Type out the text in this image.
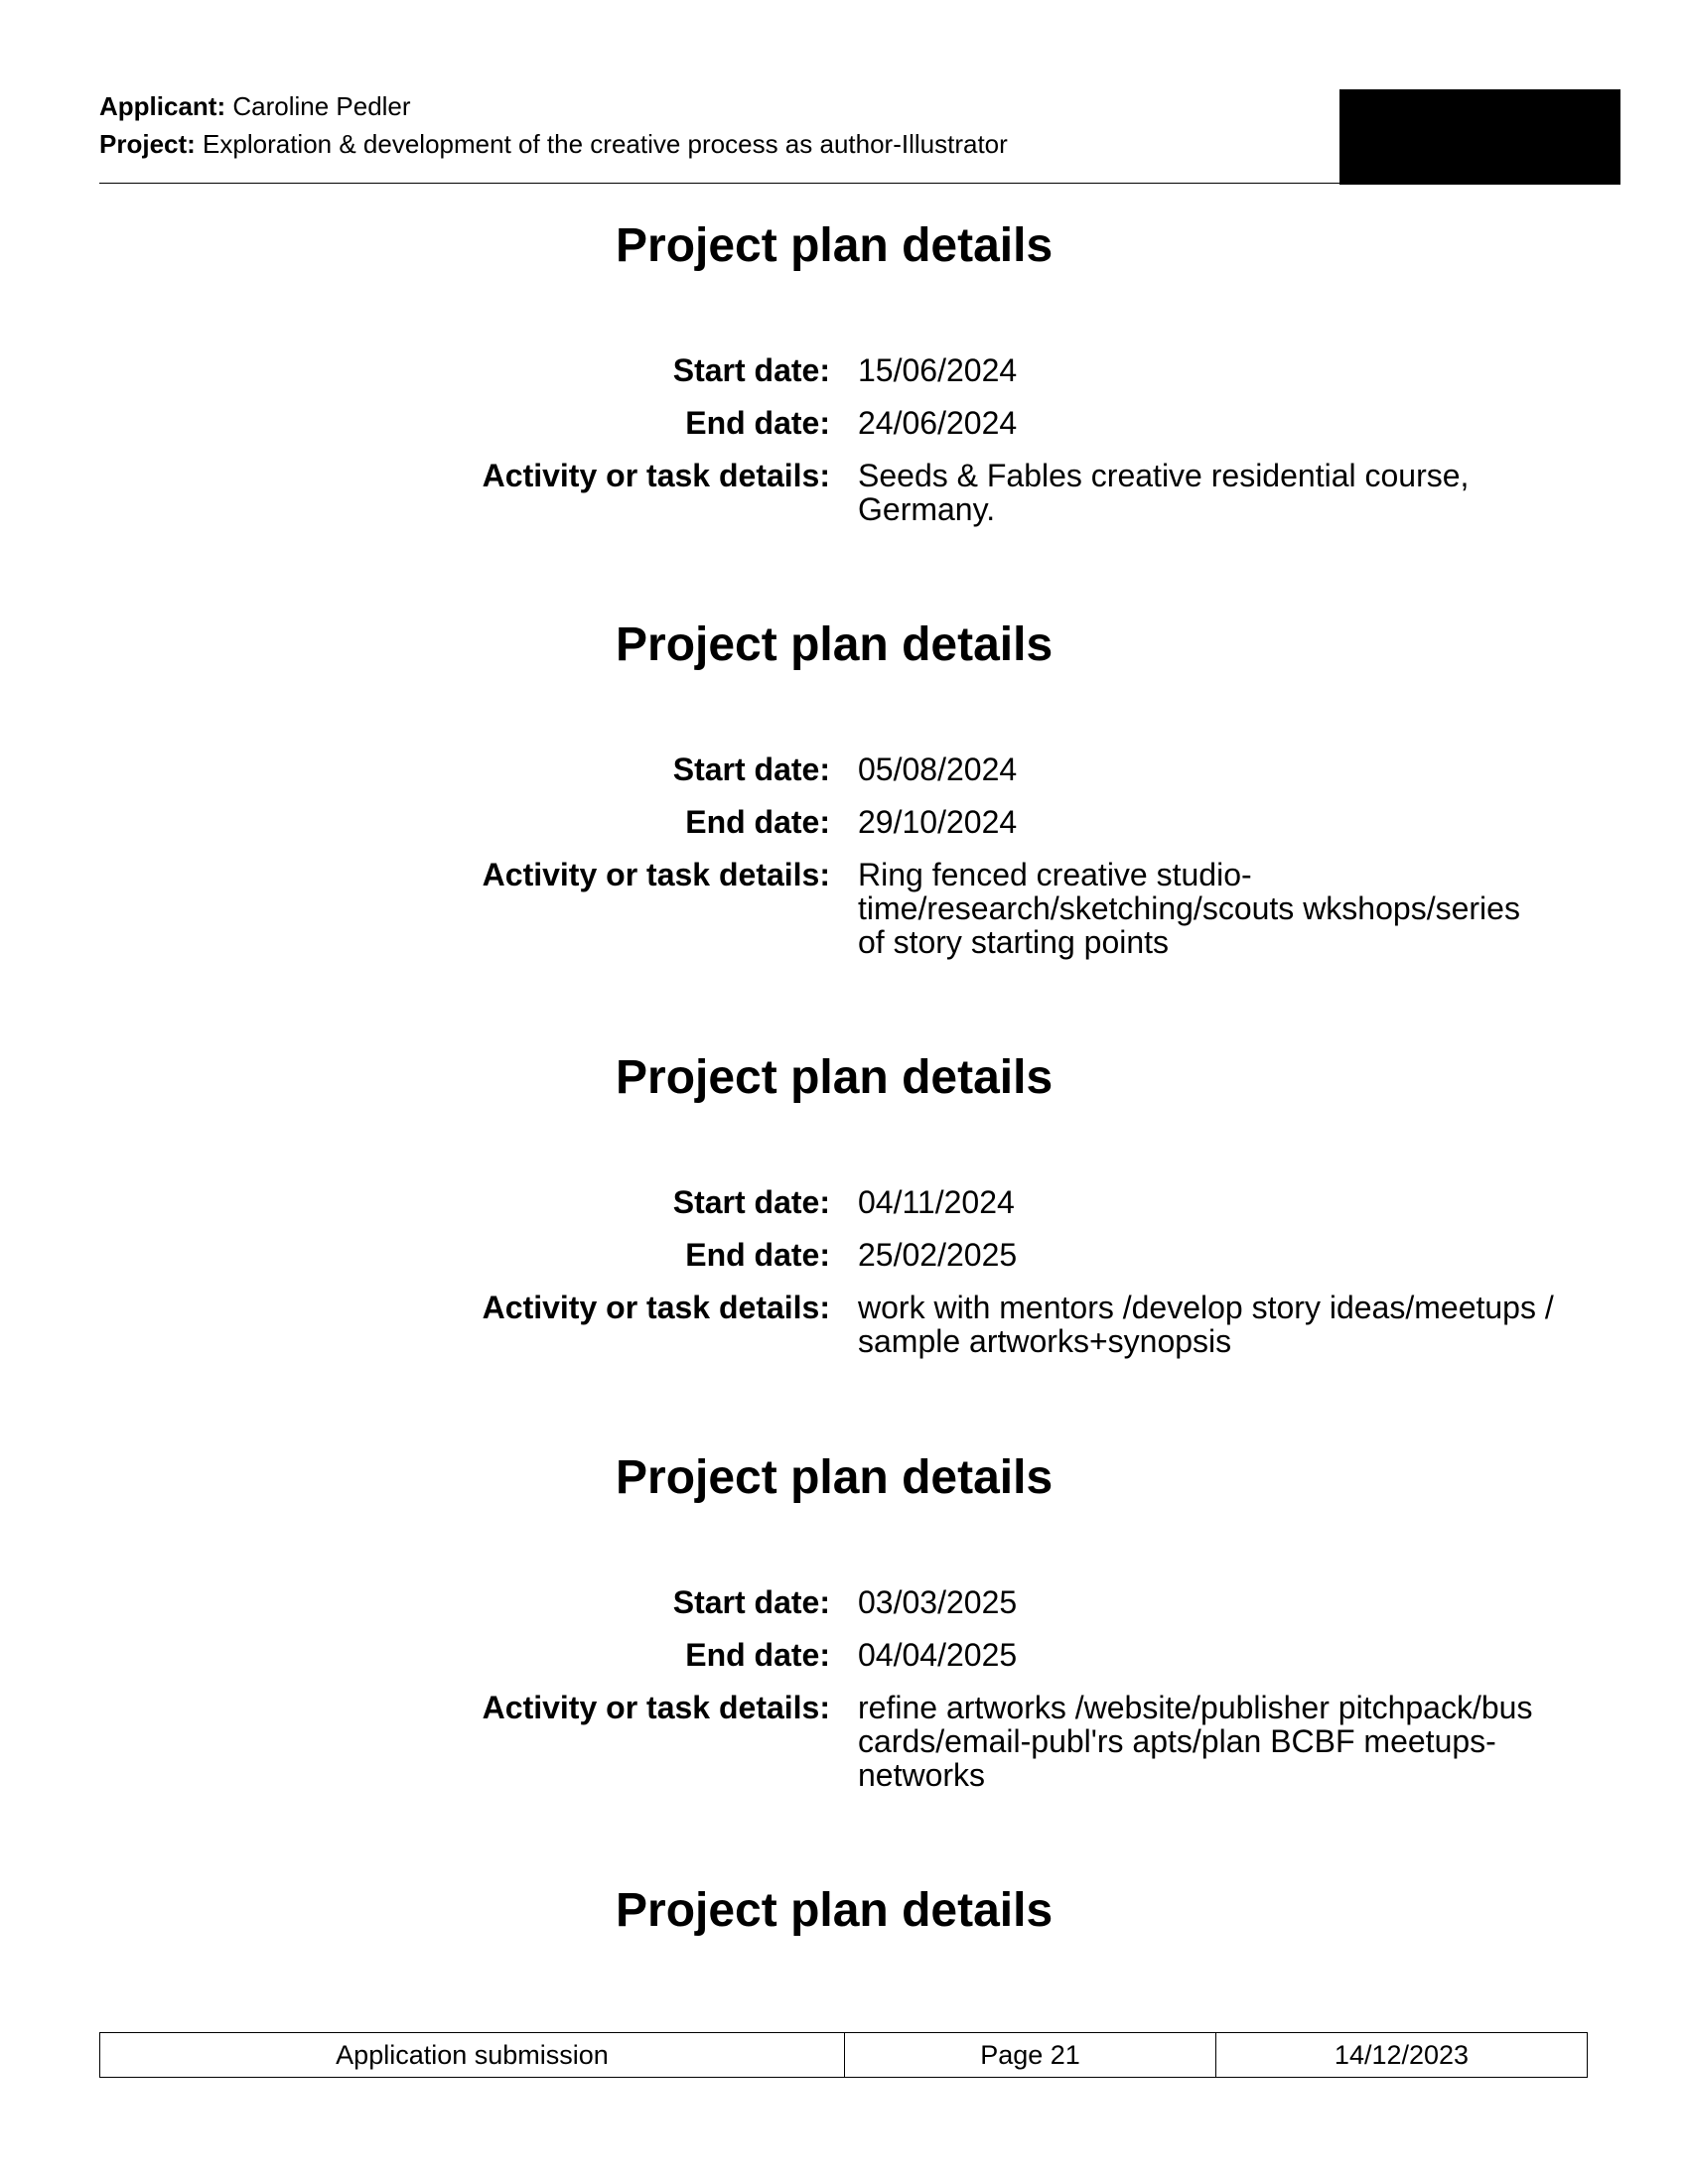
Applicant: Caroline Pedler
Project: Exploration & development of the creative process as author-Illustrator
Project plan details
Start date: 15/06/2024
End date: 24/06/2024
Activity or task details: Seeds & Fables creative residential course,
Germany.
Project plan details
Start date: 05/08/2024
End date: 29/10/2024
Activity or task details: Ring fenced creative studio-
time/research/sketching/scouts wkshops/series
of story starting points
Project plan details
Start date: 04/11/2024
End date: 25/02/2025
Activity or task details: work with mentors /develop story ideas/meetups /
sample artworks+synopsis
Project plan details
Start date: 03/03/2025
End date: 04/04/2025
Activity or task details: refine artworks /website/publisher pitchpack/bus
cards/email-publ'rs apts/plan BCBF meetups-
networks
Project plan details
Application submission	Page 21	14/12/2023
